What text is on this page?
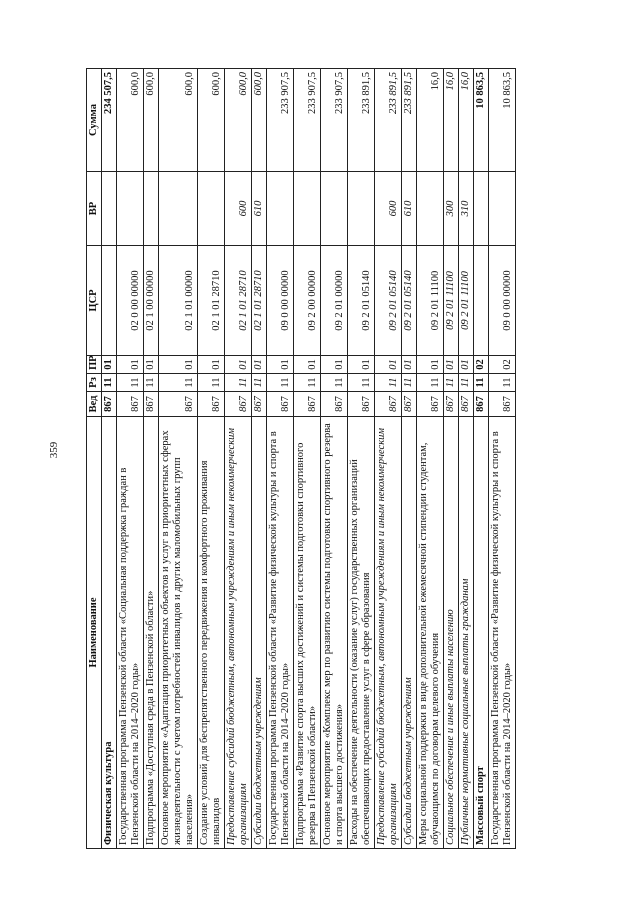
359
Наименование	Вед	Рз	ПР	ЦСР	ВР	Сумма
Физическая культура	867	11	01			234 507,5
Государственная программа Пензенской области «Социальная поддержка граждан в Пензенской области на 2014–2020 годы»	867	11	01	02 0 00 00000		600,0
Подпрограмма «Доступная среда в Пензенской области»	867	11	01	02 1 00 00000		600,0
Основное мероприятие «Адаптация приоритетных объектов и услуг в приоритетных сферах жизнедеятельности с учетом потребностей инвалидов и других маломобильных групп населения»	867	11	01	02 1 01 00000		600,0
Создание условий для беспрепятственного передвижения и комфортного проживания инвалидов	867	11	01	02 1 01 28710		600,0
Предоставление субсидий бюджетным, автономным учреждениям и иным некоммерческим организациям	867	11	01	02 1 01 28710	600	600,0
Субсидии бюджетным учреждениям	867	11	01	02 1 01 28710	610	600,0
Государственная программа Пензенской области «Развитие физической культуры и спорта в Пензенской области на 2014–2020 годы»	867	11	01	09 0 00 00000		233 907,5
Подпрограмма «Развитие спорта высших достижений и системы подготовки спортивного резерва в Пензенской области»	867	11	01	09 2 00 00000		233 907,5
Основное мероприятие «Комплекс мер по развитию системы подготовки спортивного резерва и спорта высшего достижения»	867	11	01	09 2 01 00000		233 907,5
Расходы на обеспечение деятельности (оказание услуг) государственных организаций обеспечивающих предоставление услуг в сфере образования	867	11	01	09 2 01 05140		233 891,5
Предоставление субсидий бюджетным, автономным учреждениям и иным некоммерческим организациям	867	11	01	09 2 01 05140	600	233 891,5
Субсидии бюджетным учреждениям	867	11	01	09 2 01 05140	610	233 891,5
Меры социальной поддержки в виде дополнительной ежемесячной стипендии студентам, обучающимся по договорам целевого обучения	867	11	01	09 2 01 11100		16,0
Социальное обеспечение и иные выплаты населению	867	11	01	09 2 01 11100	300	16,0
Публичные нормативные социальные выплаты гражданам	867	11	01	09 2 01 11100	310	16,0
Массовый спорт	867	11	02			10 863,5
Государственная программа Пензенской области «Развитие физической культуры и спорта в Пензенской области на 2014–2020 годы»	867	11	02	09 0 00 00000		10 863,5
